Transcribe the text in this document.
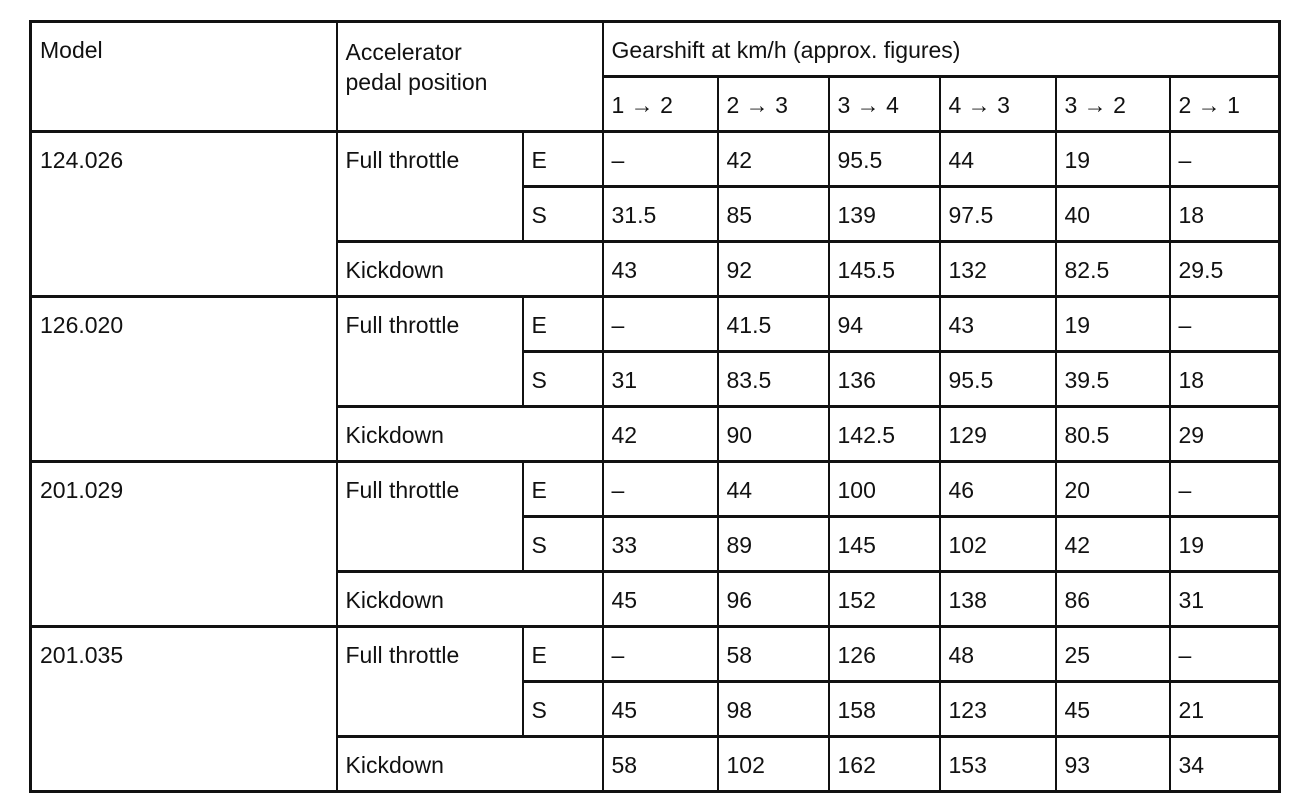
Model	Accelerator
pedal position		Gearshift at km/h (approx. figures)					
			1 → 2	2 → 3	3 → 4	4 → 3	3 → 2	2 → 1
124.026	Full throttle	E	–	42	95.5	44	19	–
		S	31.5	85	139	97.5	40	18
	Kickdown		43	92	145.5	132	82.5	29.5
126.020	Full throttle	E	–	41.5	94	43	19	–
		S	31	83.5	136	95.5	39.5	18
	Kickdown		42	90	142.5	129	80.5	29
201.029	Full throttle	E	–	44	100	46	20	–
		S	33	89	145	102	42	19
	Kickdown		45	96	152	138	86	31
201.035	Full throttle	E	–	58	126	48	25	–
		S	45	98	158	123	45	21
	Kickdown		58	102	162	153	93	34
